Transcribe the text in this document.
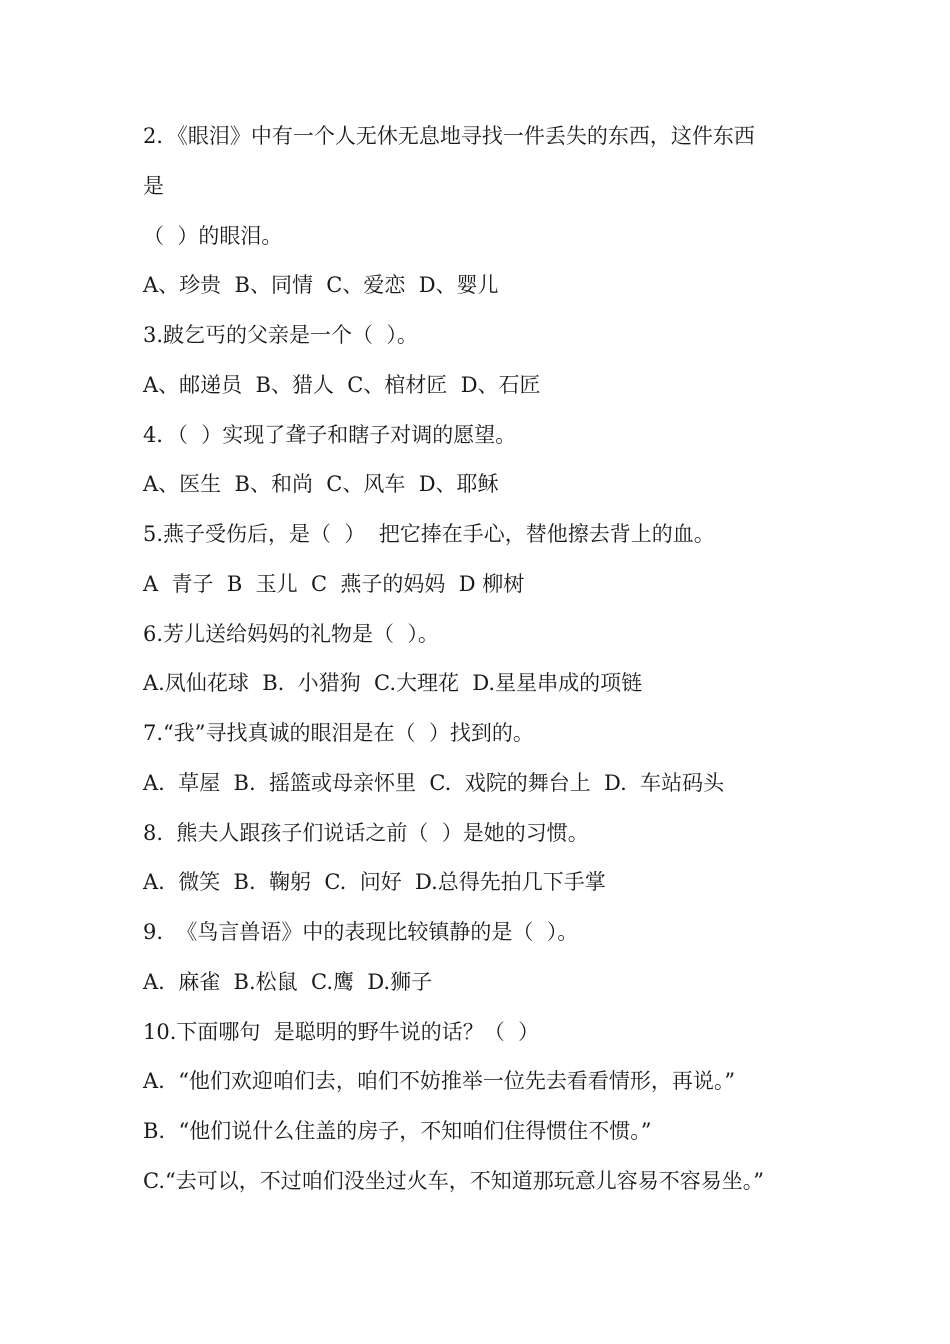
2．《眼泪》中有一个人无休无息地寻找一件丢失的东西，这件东西
是
（  ）的眼泪。
A、珍贵  B、同情  C、爱恋  D、婴儿
3.跛乞丐的父亲是一个（  ）。
A、邮递员  B、猎人  C、棺材匠  D、石匠
4．（  ）实现了聋子和瞎子对调的愿望。
A、医生  B、和尚  C、风车  D、耶稣
5.燕子受伤后，是（  ）  把它捧在手心，替他擦去背上的血。
A  青子  B  玉儿  C  燕子的妈妈  D 柳树
6.芳儿送给妈妈的礼物是（  ）。
A.凤仙花球  B.  小猎狗  C.大理花  D.星星串成的项链
7.“我”寻找真诚的眼泪是在（  ）找到的。
A.  草屋  B.  摇篮或母亲怀里  C.  戏院的舞台上  D.  车站码头
8.  熊夫人跟孩子们说话之前（  ）是她的习惯。
A.  微笑  B.  鞠躬  C.  问好  D.总得先拍几下手掌
9.  《鸟言兽语》中的表现比较镇静的是（  ）。
A.  麻雀  B.松鼠  C.鹰  D.狮子
10.下面哪句  是聪明的野牛说的话？（  ）
A.  “他们欢迎咱们去，咱们不妨推举一位先去看看情形，再说。”
B.  “他们说什么住盖的房子，不知咱们住得惯住不惯。”
C.“去可以，不过咱们没坐过火车，不知道那玩意儿容易不容易坐。”
